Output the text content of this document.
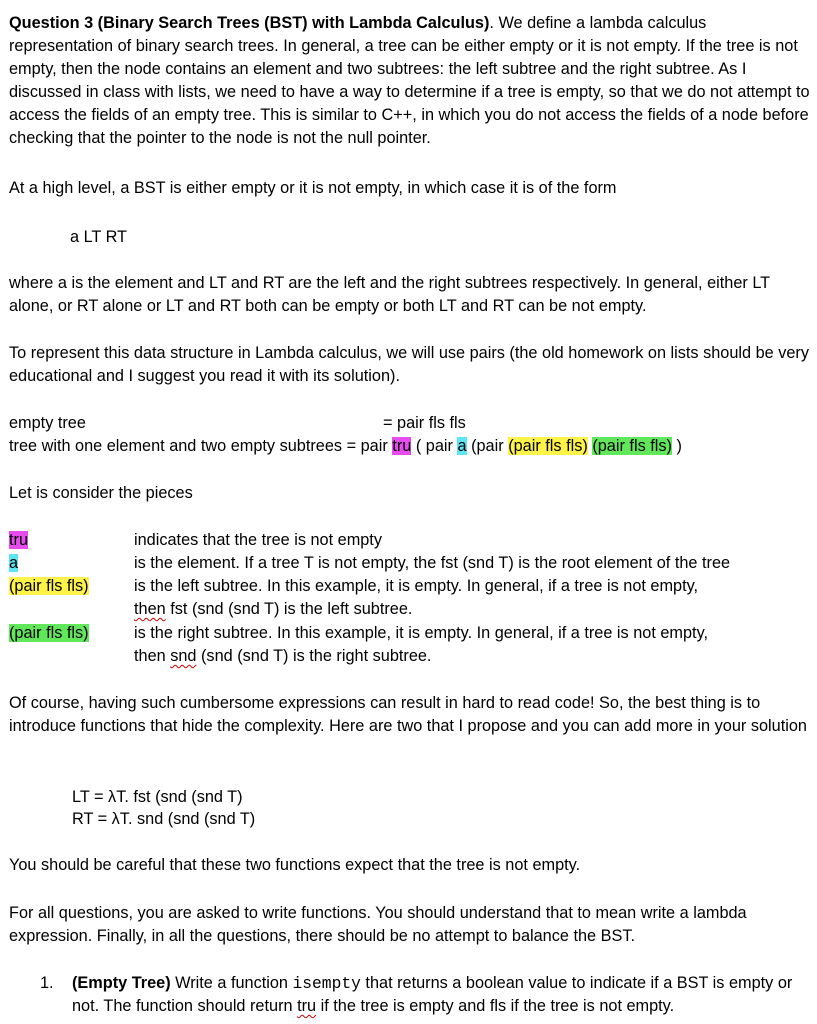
Question 3 (Binary Search Trees (BST) with Lambda Calculus). We define a lambda calculus representation of binary search trees. In general, a tree can be either empty or it is not empty. If the tree is not empty, then the node contains an element and two subtrees: the left subtree and the right subtree. As I discussed in class with lists, we need to have a way to determine if a tree is empty, so that we do not attempt to access the fields of an empty tree. This is similar to C++, in which you do not access the fields of a node before checking that the pointer to the node is not the null pointer.

At a high level, a BST is either empty or it is not empty, in which case it is of the form

a LT RT

where a is the element and LT and RT are the left and the right subtrees respectively. In general, either LT alone, or RT alone or LT and RT both can be empty or both LT and RT can be not empty.

To represent this data structure in Lambda calculus, we will use pairs (the old homework on lists should be very educational and I suggest you read it with its solution).

empty tree	= pair fls fls

tree with one element and two empty subtrees = pair tru ( pair a (pair (pair fls fls) (pair fls fls) )

Let is consider the pieces

tru	indicates that the tree is not empty

a	is the element. If a tree T is not empty, the fst (snd T) is the root element of the tree

(pair fls fls)	is the left subtree. In this example, it is empty. In general, if a tree is not empty,

then fst (snd (snd T) is the left subtree.

(pair fls fls)	is the right subtree. In this example, it is empty. In general, if a tree is not empty,

then snd (snd (snd T) is the right subtree.

Of course, having such cumbersome expressions can result in hard to read code! So, the best thing is to introduce functions that hide the complexity. Here are two that I propose and you can add more in your solution

LT = λT. fst (snd (snd T)

RT = λT. snd (snd (snd T)

You should be careful that these two functions expect that the tree is not empty.

For all questions, you are asked to write functions. You should understand that to mean write a lambda expression. Finally, in all the questions, there should be no attempt to balance the BST.

1. (Empty Tree) Write a function isempty that returns a boolean value to indicate if a BST is empty or not. The function should return tru if the tree is empty and fls if the tree is not empty.
